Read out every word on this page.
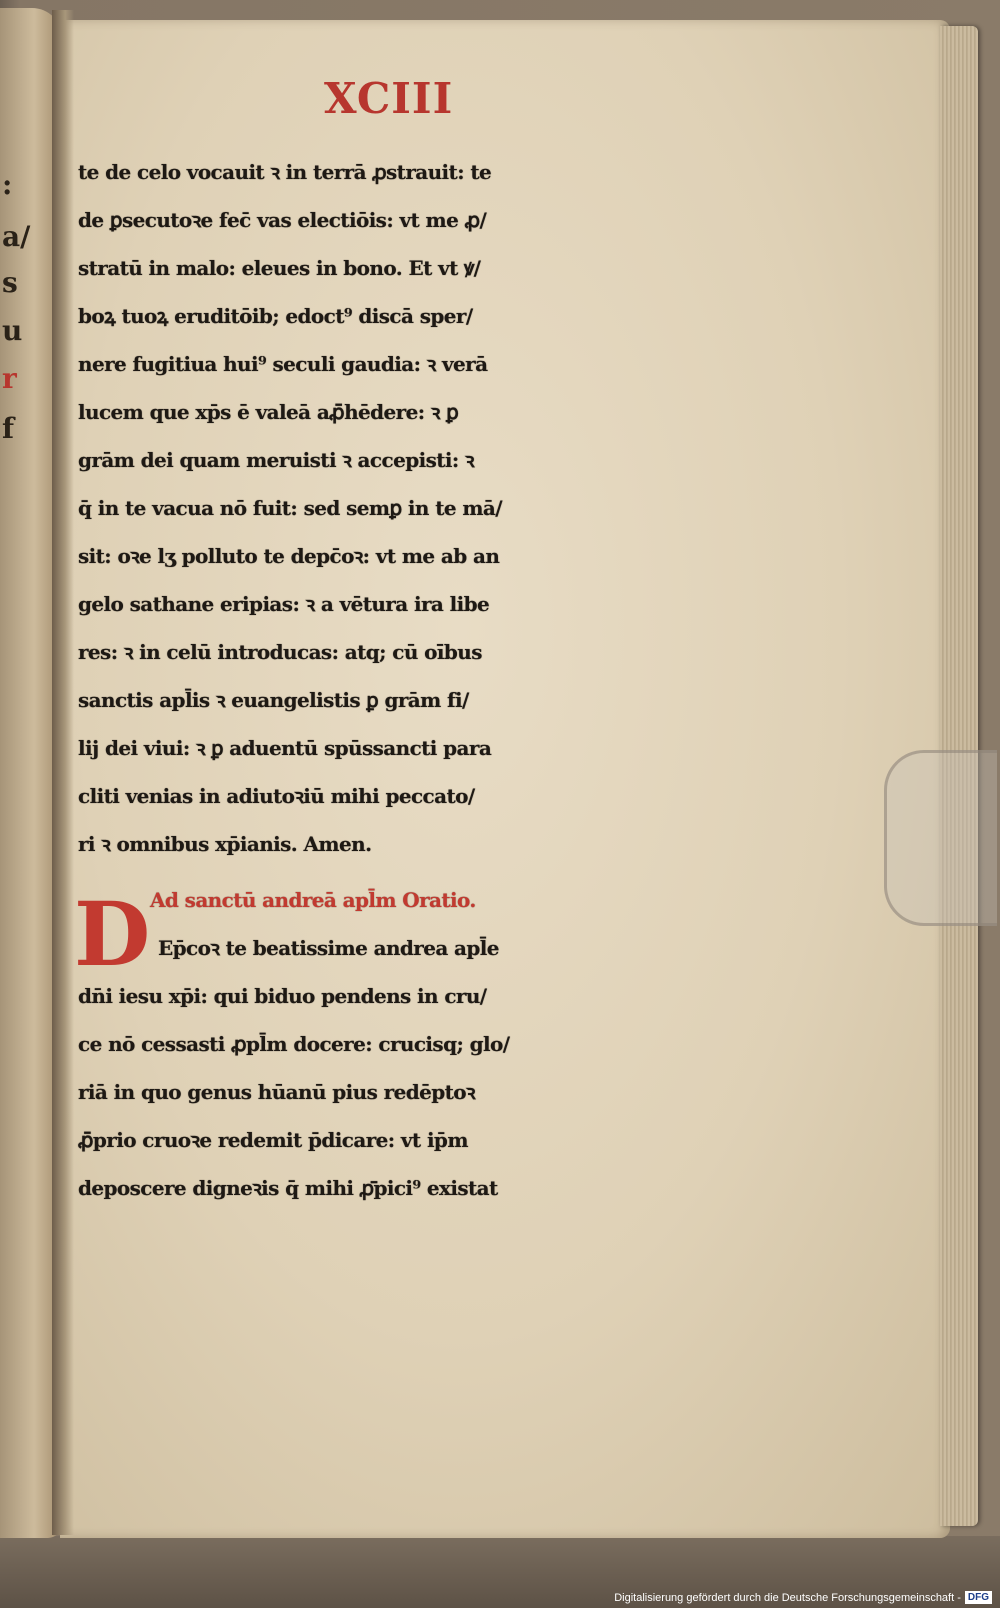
:
a/
s
u
r
f
XCIII
te de celo vocauit ꝛ in terrā ꝓstrauit: te
de ꝑsecutoꝛe fec̄ vas electiōis: vt me ꝓ/
stratū in malo: eleues in bono. Et vt ꝟ/
boꝝ tuoꝝ eruditōib; edoct⁹ discā sper/
nere fugitiua hui⁹ seculi gaudia: ꝛ verā
lucem que xp̄s ē valeā aꝓ̄hēdere: ꝛ ꝑ
grām dei quam meruisti ꝛ accepisti: ꝛ
q̄ in te vacua nō fuit: sed semꝑ in te mā/
sit: oꝛe lʒ polluto te depc̄oꝛ: vt me ab an
gelo sathane eripias: ꝛ a vētura ira libe
res: ꝛ in celū introducas: atq; cū oībus
sanctis apl̄is ꝛ euangelistis ꝑ grām fi/
lij dei viui: ꝛ ꝑ aduentū spūssancti para
cliti venias in adiutoꝛiū mihi peccato/
ri ꝛ omnibus xp̄ianis. Amen.
D Ad sanctū andreā apl̄m Oratio.
Ep̄coꝛ te beatissime andrea apl̄e
dn̄i iesu xp̄i: qui biduo pendens in cru/
ce nō cessasti ꝓpl̄m docere: crucisq; glo/
riā in quo genus hūanū pius redēptoꝛ
ꝓ̄prio cruoꝛe redemit p̄dicare: vt ip̄m
deposcere digneꝛis q̄ mihi ꝓ̄pici⁹ existat
Digitalisierung gefördert durch die Deutsche Forschungsgemeinschaft - DFG
